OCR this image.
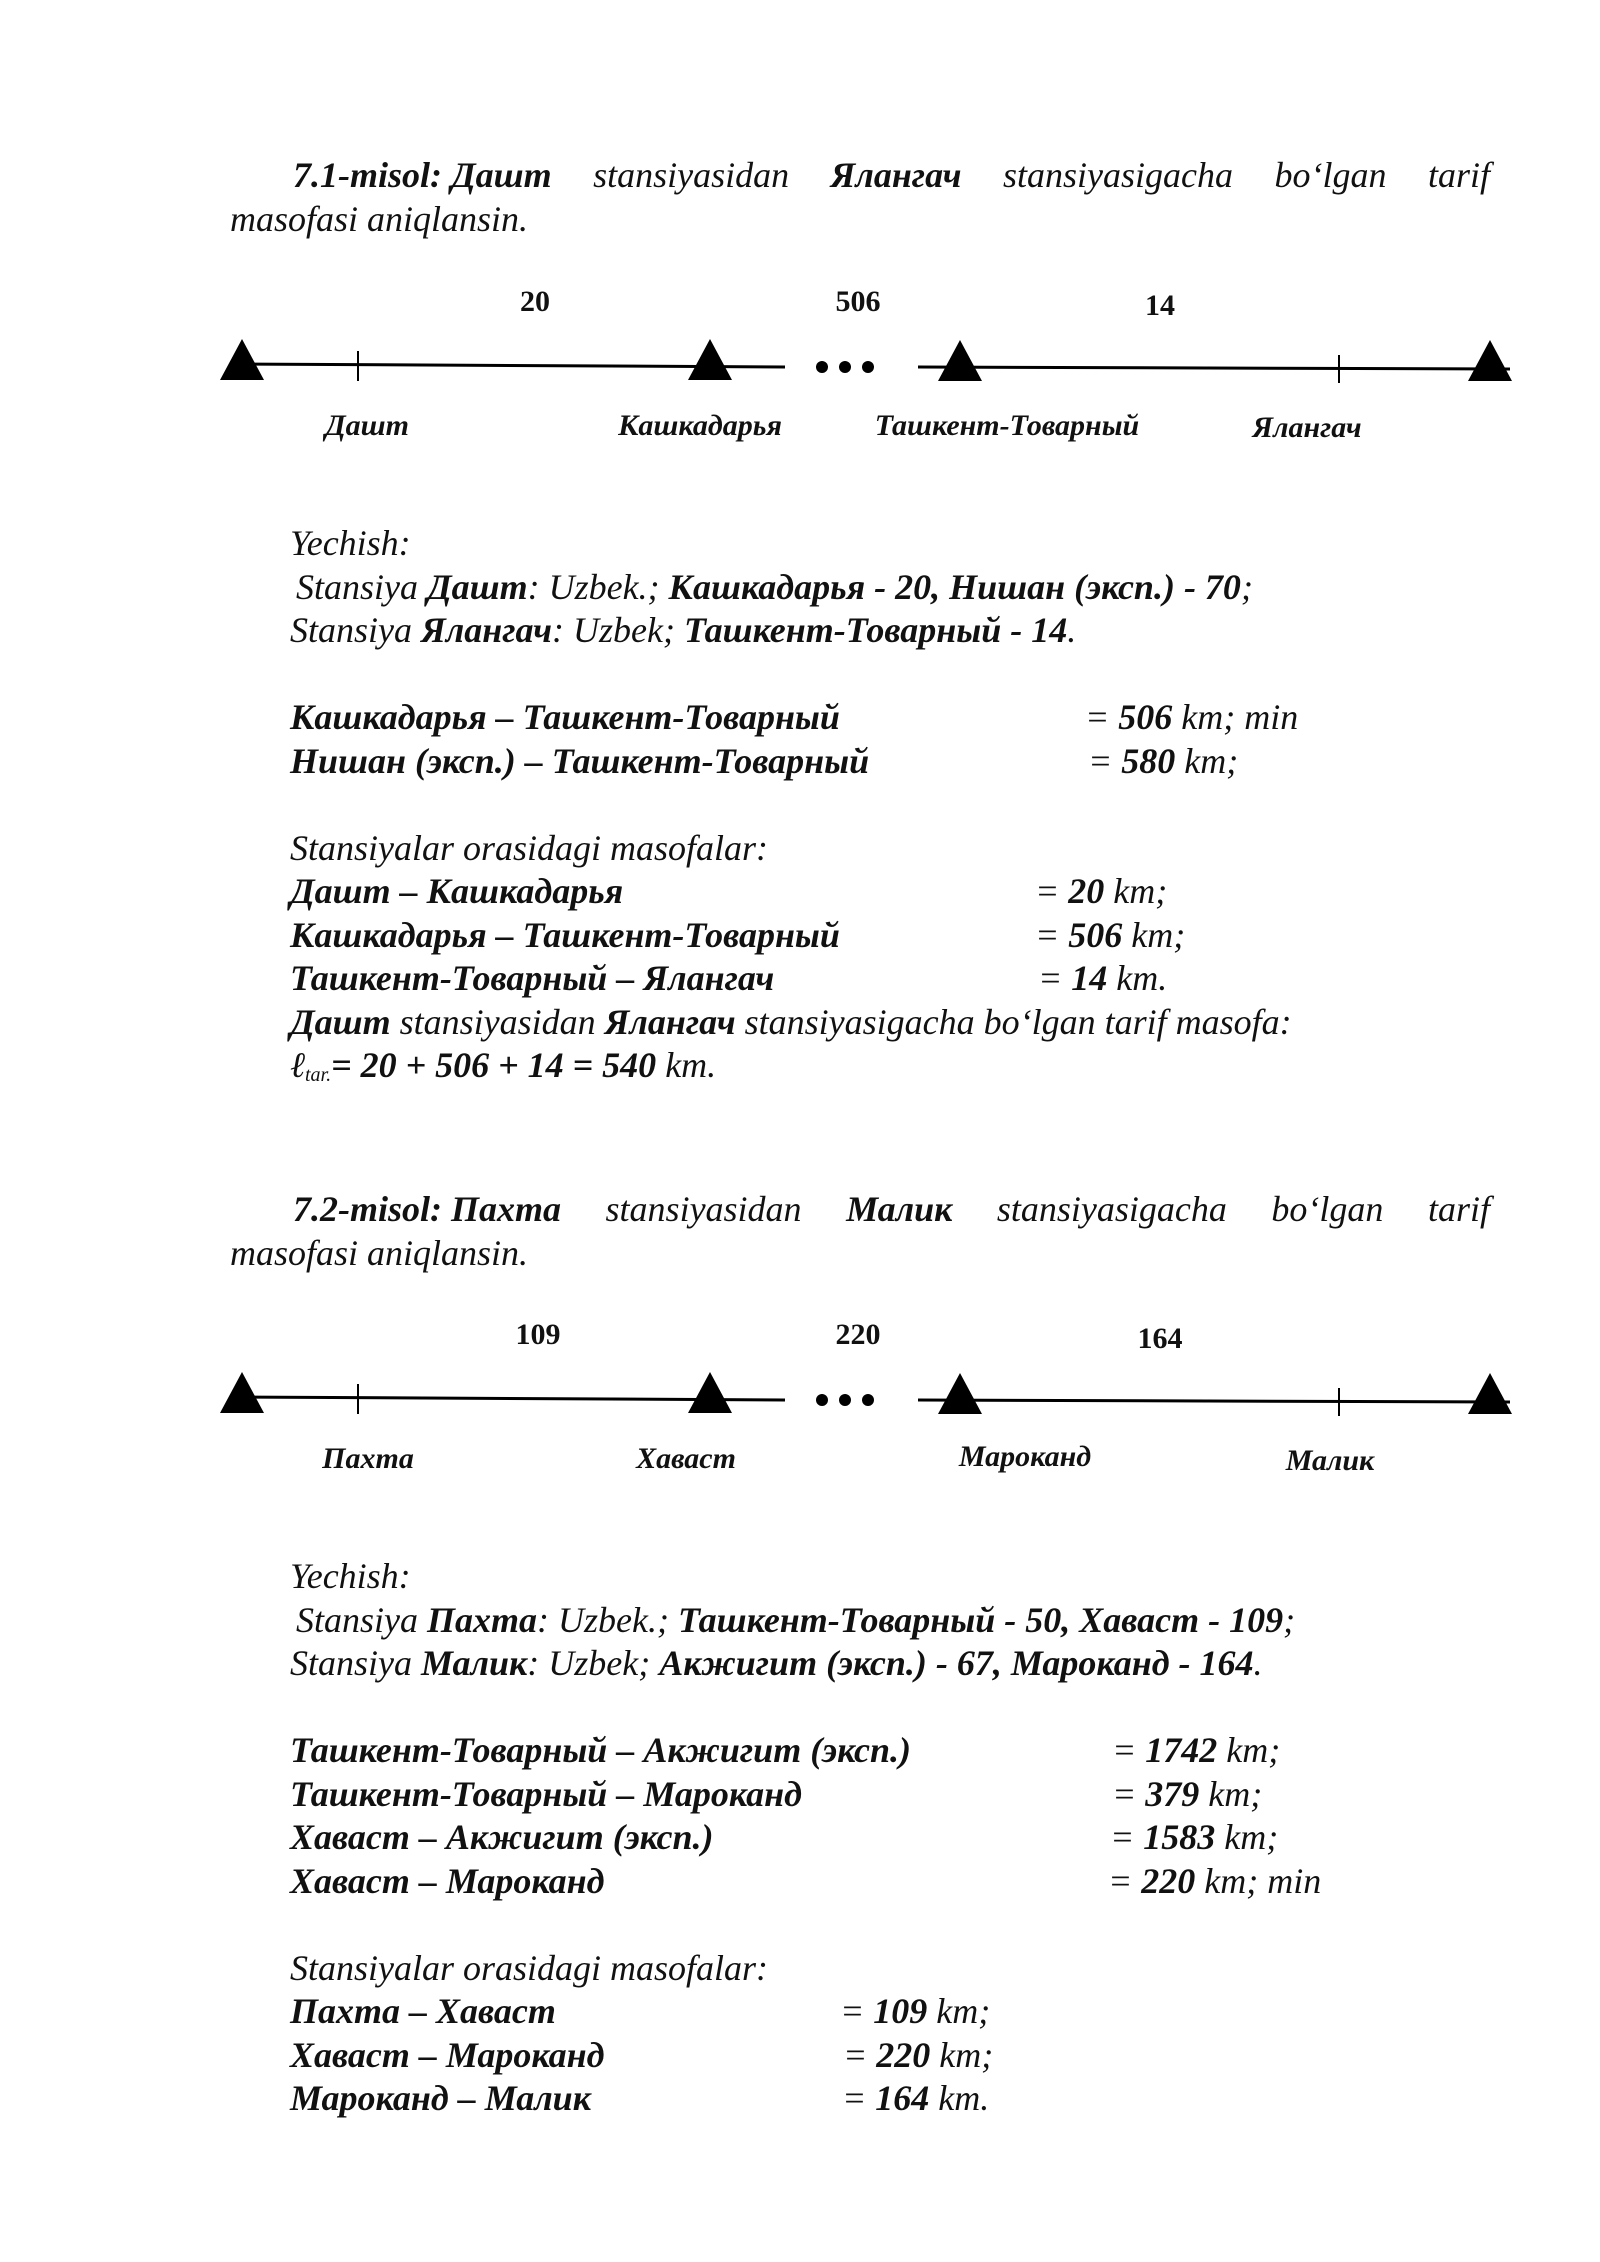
7.1-misol: Дашт stansiyasidan Ялангач stansiyasigacha bo‘lgan tarif
masofasi aniqlansin.
20	506	14
Дашт	Кашкадарья	Ташкент-Товарный	Ялангач
Yechish:
Stansiya Дашт: Uzbek.; Кашкадарья - 20, Нишан (эксп.) - 70;
Stansiya Ялангач: Uzbek; Ташкент-Товарный - 14.
Кашкадарья – Ташкент-Товарный	= 506 km; min
Нишан (эксп.) – Ташкент-Товарный	= 580 km;
Stansiyalar orasidagi masofalar:
Дашт – Кашкадарья	= 20 km;
Кашкадарья – Ташкент-Товарный	= 506 km;
Ташкент-Товарный – Ялангач	= 14 km.
Дашт stansiyasidan Ялангач stansiyasigacha bo‘lgan tarif masofa:
ℓ$_{tar.}$= 20 + 506 + 14 = 540 km.
7.2-misol: Пахта stansiyasidan Малик stansiyasigacha bo‘lgan tarif
masofasi aniqlansin.
109	220	164
Пахта	Хаваст	Мароканд	Малик
Yechish:
Stansiya Пахта: Uzbek.; Ташкент-Товарный - 50, Хаваст - 109;
Stansiya Малик: Uzbek; Акжигит (эксп.) - 67, Мароканд - 164.
Ташкент-Товарный – Акжигит (эксп.)	= 1742 km;
Ташкент-Товарный – Мароканд	= 379 km;
Хаваст – Акжигит (эксп.)	= 1583 km;
Хаваст – Мароканд	= 220 km; min
Stansiyalar orasidagi masofalar:
Пахта – Хаваст	= 109 km;
Хаваст – Мароканд	= 220 km;
Мароканд – Малик	= 164 km.
